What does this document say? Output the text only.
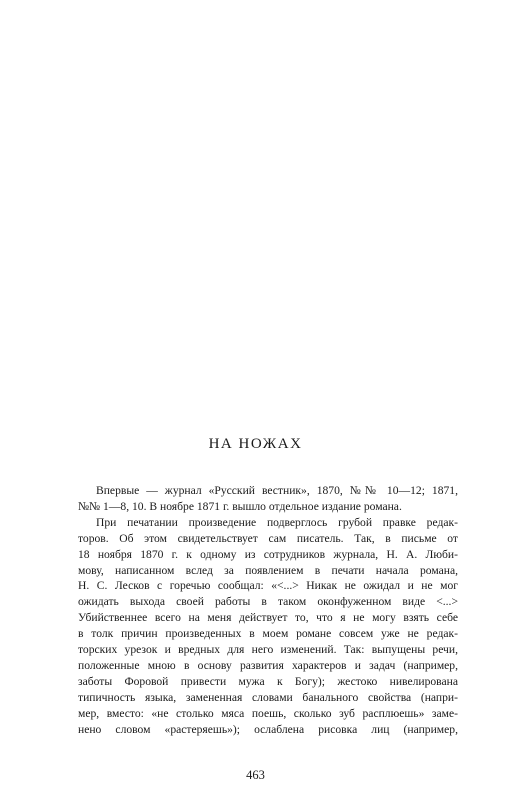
НА НОЖАХ

Впервые — журнал «Русский вестник», 1870, №№ 10—12; 1871,
№№ 1—8, 10. В ноябре 1871 г. вышло отдельное издание романа.

При печатании произведение подверглось грубой правке редак-
торов. Об этом свидетельствует сам писатель. Так, в письме от
18 ноября 1870 г. к одному из сотрудников журнала, Н. А. Люби-
мову, написанном вслед за появлением в печати начала романа,
Н. С. Лесков с горечью сообщал: «<...> Никак не ожидал и не мог
ожидать выхода своей работы в таком оконфуженном виде <...>
Убийственнее всего на меня действует то, что я не могу взять себе
в толк причин произведенных в моем романе совсем уже не редак-
торских урезок и вредных для него изменений. Так: выпущены речи,
положенные мною в основу развития характеров и задач (например,
заботы Форовой привести мужа к Богу); жестоко нивелирована
типичность языка, замененная словами банального свойства (напри-
мер, вместо: «не столько мяса поешь, сколько зуб расплюешь» заме-
нено словом «растеряешь»); ослаблена рисовка лиц (например,

463
